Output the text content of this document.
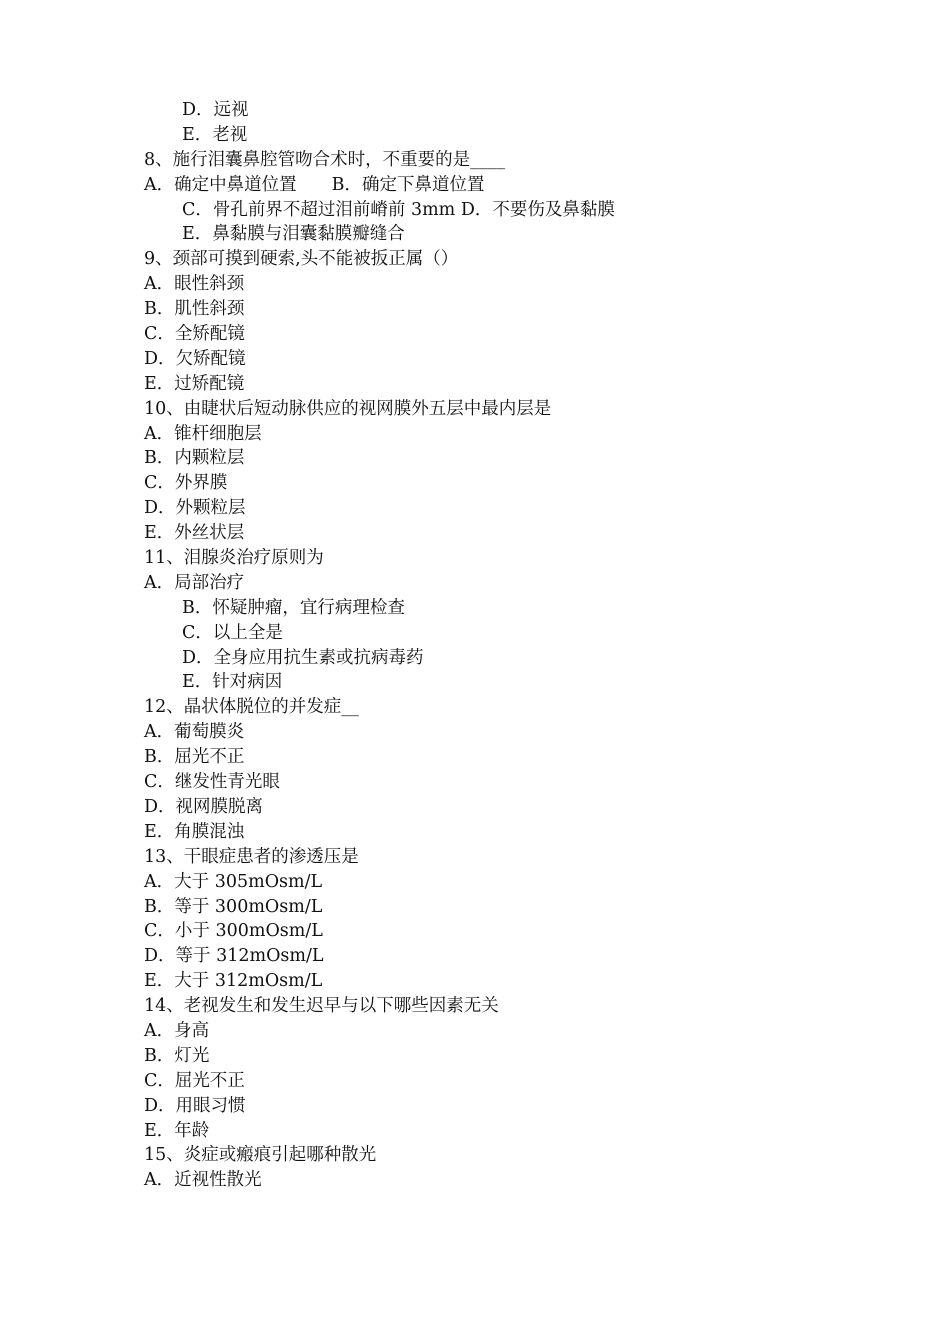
D．远视
E．老视
8、施行泪囊鼻腔管吻合术时，不重要的是____
A．确定中鼻道位置　　B．确定下鼻道位置
C．骨孔前界不超过泪前嵴前 3mm D．不要伤及鼻黏膜
E．鼻黏膜与泪囊黏膜瓣缝合
9、颈部可摸到硬索,头不能被扳正属（）
A．眼性斜颈
B．肌性斜颈
C．全矫配镜
D．欠矫配镜
E．过矫配镜
10、由睫状后短动脉供应的视网膜外五层中最内层是
A．锥杆细胞层
B．内颗粒层
C．外界膜
D．外颗粒层
E．外丝状层
11、泪腺炎治疗原则为
A．局部治疗
B．怀疑肿瘤，宜行病理检查
C．以上全是
D．全身应用抗生素或抗病毒药
E．针对病因
12、晶状体脱位的并发症__
A．葡萄膜炎
B．屈光不正
C．继发性青光眼
D．视网膜脱离
E．角膜混浊
13、干眼症患者的渗透压是
A．大于 305mOsm/L
B．等于 300mOsm/L
C．小于 300mOsm/L
D．等于 312mOsm/L
E．大于 312mOsm/L
14、老视发生和发生迟早与以下哪些因素无关
A．身高
B．灯光
C．屈光不正
D．用眼习惯
E．年龄
15、炎症或瘢痕引起哪种散光
A．近视性散光
